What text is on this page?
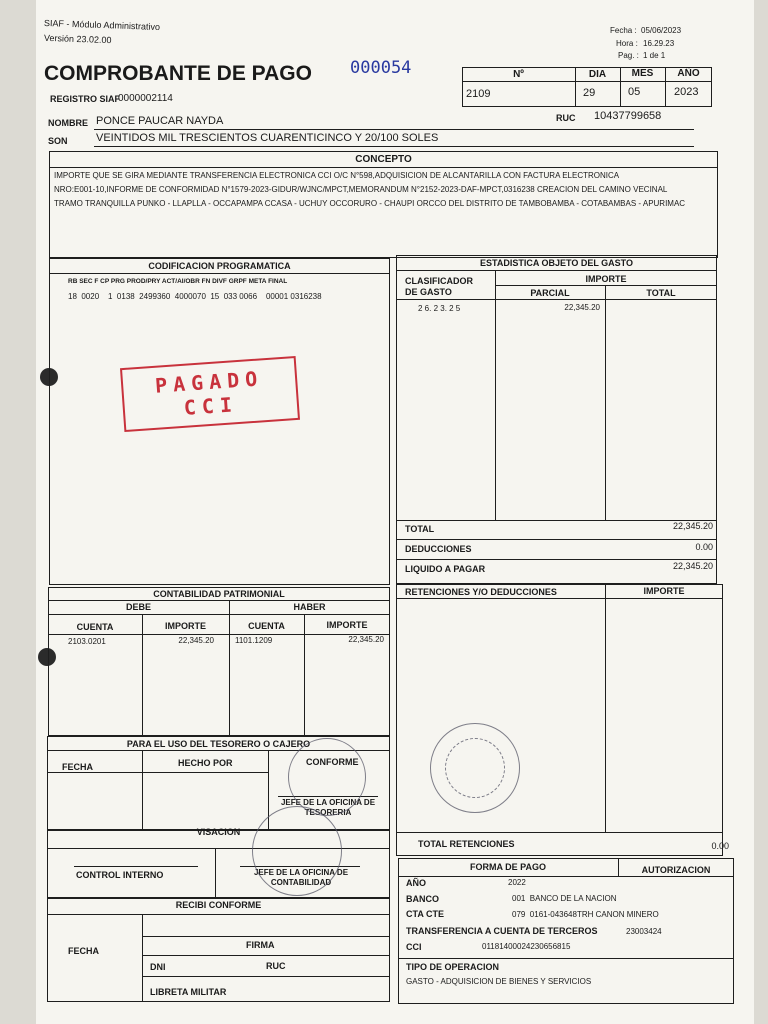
SIAF - Módulo Administrativo
Versión 23.02.00
COMPROBANTE DE PAGO 000054
REGISTRO SIAF
0000002114
Fecha : 05/06/2023
Hora : 16.29.23
Pag. : 1 de 1
Nº	DIA	MES	AÑO
2109	29	05	2023
NOMBRE PONCE PAUCAR NAYDA	RUC 10437799658
SON	VEINTIDOS MIL TRESCIENTOS CUARENTICINCO Y 20/100 SOLES
CONCEPTO
IMPORTE QUE SE GIRA MEDIANTE TRANSFERENCIA ELECTRONICA CCI O/C N°598,ADQUISICION DE ALCANTARILLA CON FACTURA ELECTRONICA
NRO:E001-10,INFORME DE CONFORMIDAD N°1579-2023-GIDUR/WJNC/MPCT,MEMORANDUM N°2152-2023-DAF-MPCT,0316238 CREACION DEL CAMINO VECINAL
TRAMO TRANQUILLA PUNKO - LLAPLLA - OCCAPAMPA CCASA - UCHUY OCCORURO - CHAUPI ORCCO DEL DISTRITO DE TAMBOBAMBA - COTABAMBAS - APURIMAC
CODIFICACION PROGRAMATICA
RB SEC F CP PRG PROD/PRY ACT/AI/OBR FN DIVF GRPF META FINAL
18  0020    1  0138  2499360  4000070  15  033 0066    00001 0316238
PAGADO
CCI
ESTADISTICA OBJETO DEL GASTO
CLASIFICADOR DE GASTO
IMPORTE
PARCIAL	TOTAL
2 6. 2 3. 2 5	22,345.20
TOTAL	22,345.20
DEDUCCIONES	0.00
LIQUIDO A PAGAR	22,345.20
CONTABILIDAD PATRIMONIAL
DEBE	HABER
CUENTA	IMPORTE	CUENTA	IMPORTE
2103.0201	22,345.20	1101.1209	22,345.20
RETENCIONES Y/O DEDUCCIONES	IMPORTE
TOTAL RETENCIONES	0.00
PARA EL USO DEL TESORERO O CAJERO
FECHA	HECHO POR	CONFORME
JEFE DE LA OFICINA DE TESORERIA
VISACION
CONTROL INTERNO	JEFE DE LA OFICINA DE CONTABILIDAD
RECIBI CONFORME
FECHA
FIRMA
DNI	RUC
LIBRETA MILITAR
FORMA DE PAGO	AUTORIZACION
AÑO	2022
BANCO	001  BANCO DE LA NACION
CTA CTE	079  0161-043648TRH CANON MINERO
TRANSFERENCIA A CUENTA DE TERCEROS	23003424
CCI	01181400024230656815
TIPO DE OPERACION
GASTO - ADQUISICION DE BIENES Y SERVICIOS
